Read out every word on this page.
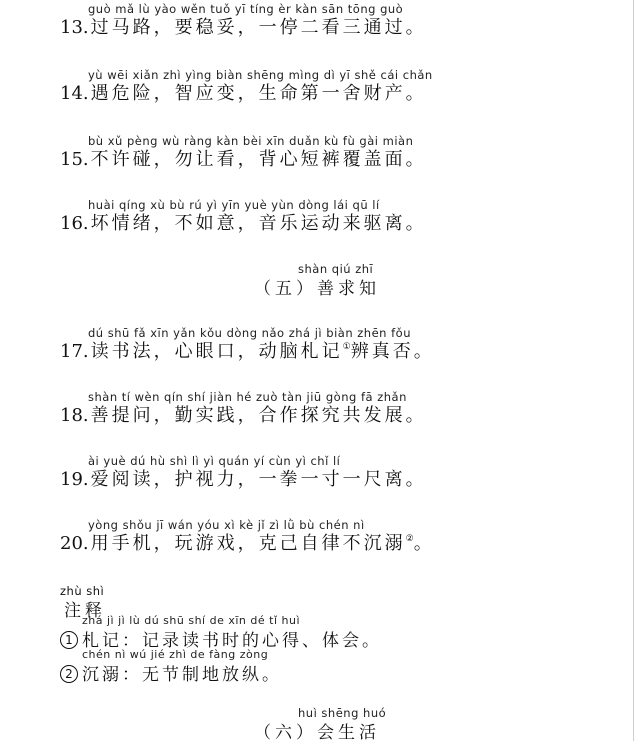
guò mǎ lù yào wěn tuǒ yī tíng èr kàn sān tōng guò
13. 过马路，要稳妥，一停二看三通过。
yù wēi xiǎn zhì yìng biàn shēng mìng dì yī shě cái chǎn
14. 遇危险，智应变，生命第一舍财产。
bù xǔ pèng wù ràng kàn bèi xīn duǎn kù fù gài miàn
15. 不许碰，勿让看，背心短裤覆盖面。
huài qíng xù bù rú yì yīn yuè yùn dòng lái qū lí
16. 坏情绪，不如意，音乐运动来驱离。
shàn qiú zhī
（五）善求知
dú shū fǎ xīn yǎn kǒu dòng nǎo zhá jì biàn zhēn fǒu
17. 读书法，心眼口，动脑札记①辨真否。
shàn tí wèn qín shí jiàn hé zuò tàn jiū gòng fā zhǎn
18. 善提问，勤实践，合作探究共发展。
ài yuè dú hù shì lì yì quán yí cùn yì chǐ lí
19. 爱阅读，护视力，一拳一寸一尺离。
yòng shǒu jī wán yóu xì kè jǐ zì lǜ bù chén nì
20. 用手机，玩游戏，克己自律不沉溺②。
zhù shì
注释
zhá jì jì lù dú shū shí de xīn dé tǐ huì
1 札记：记录读书时的心得、体会。
chén nì wú jié zhì de fàng zòng
2 沉溺：无节制地放纵。
huì shēng huó
（六）会生活
